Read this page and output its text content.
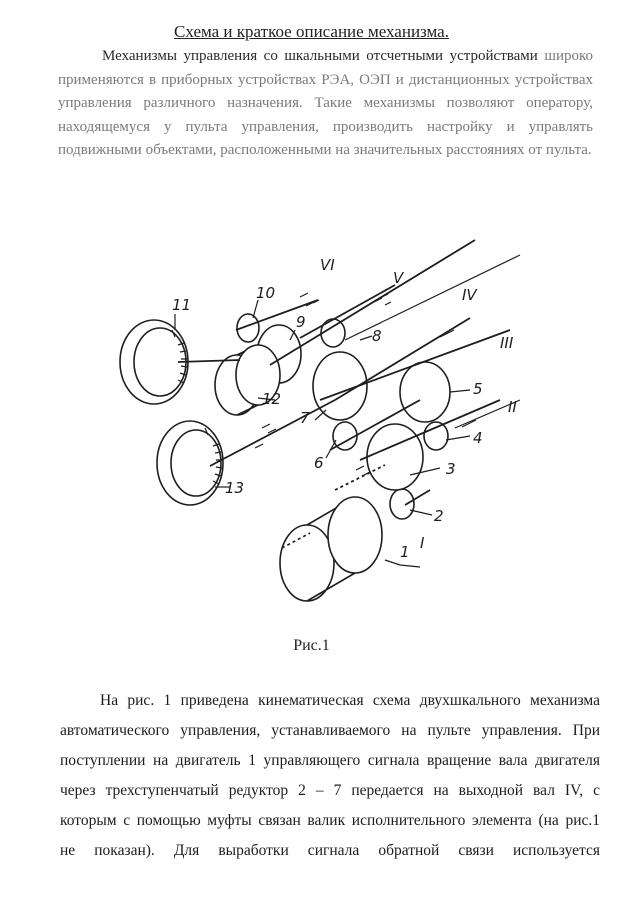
Схема и краткое описание механизма.
Механизмы управления со шкальными отсчетными устройствами широко применяются в приборных устройствах РЭА, ОЭП и дистанционных устройствах управления различного назначения. Такие механизмы позволяют оператору, находящемуся у пульта управления, производить настройку и управлять подвижными объектами, расположенными на значительных расстояниях от пульта.
1
2
3
4
5
6
7
8
9
10
11
12
13
I
II
III
IV
V
VI
Рис.1
На рис. 1 приведена кинематическая схема двухшкального механизма
автоматического управления, устанавливаемого на пульте управления. При
поступлении на двигатель 1 управляющего сигнала вращение вала двигателя
через трехступенчатый редуктор 2 – 7 передается на выходной вал IV, с
которым с помощью муфты связан валик исполнительного элемента (на рис.1
не показан). Для выработки сигнала обратной связи используется
